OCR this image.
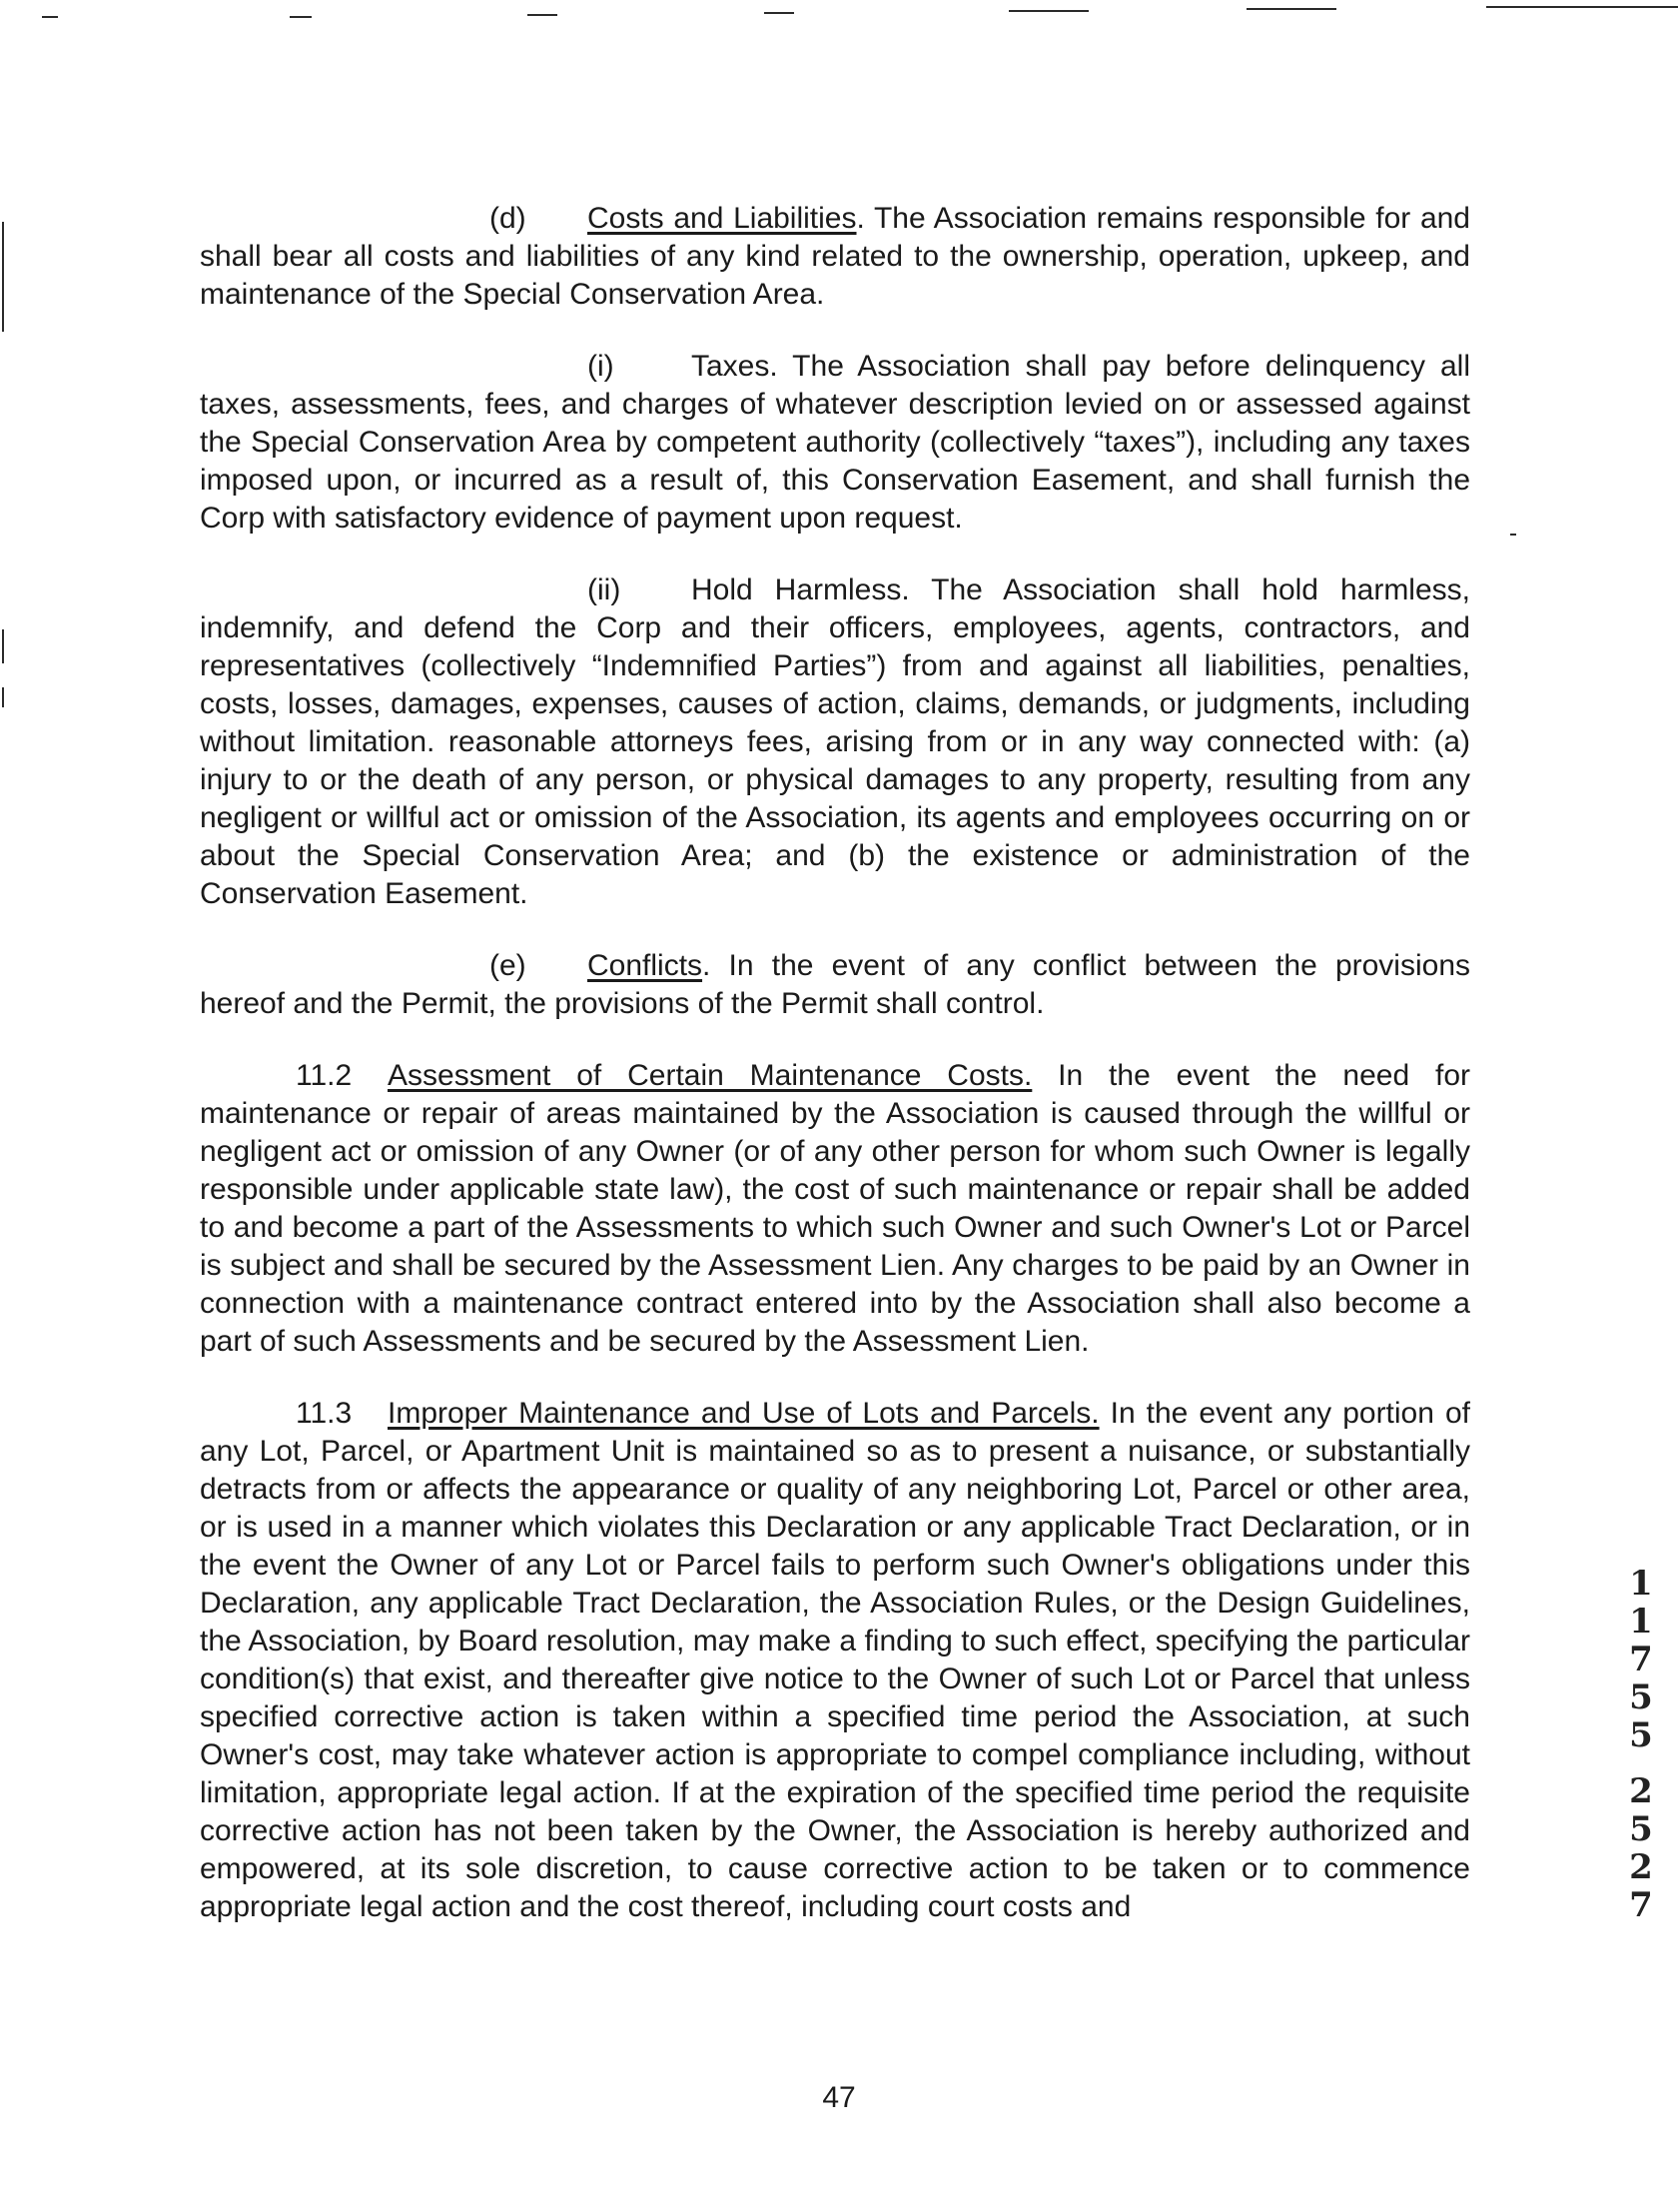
(d) Costs and Liabilities. The Association remains responsible for and shall bear all costs and liabilities of any kind related to the ownership, operation, upkeep, and maintenance of the Special Conservation Area.

(i)	Taxes. The Association shall pay before delinquency all taxes, assessments, fees, and charges of whatever description levied on or assessed against the Special Conservation Area by competent authority (collectively “taxes”), including any taxes imposed upon, or incurred as a result of, this Conservation Easement, and shall furnish the Corp with satisfactory evidence of payment upon request.

(ii) Hold Harmless. The Association shall hold harmless, indemnify, and defend the Corp and their officers, employees, agents, contractors, and representatives (collectively “Indemnified Parties”) from and against all liabilities, penalties, costs, losses, damages, expenses, causes of action, claims, demands, or judgments, including without limitation. reasonable attorneys fees, arising from or in any way connected with: (a) injury to or the death of any person, or physical damages to any property, resulting from any negligent or willful act or omission of the Association, its agents and employees occurring on or about the Special Conservation Area; and (b) the existence or administration of the Conservation Easement.

(e) Conflicts. In the event of any conflict between the provisions hereof and the Permit, the provisions of the Permit shall control.

11.2 Assessment of Certain Maintenance Costs. In the event the need for maintenance or repair of areas maintained by the Association is caused through the willful or negligent act or omission of any Owner (or of any other person for whom such Owner is legally responsible under applicable state law), the cost of such maintenance or repair shall be added to and become a part of the Assessments to which such Owner and such Owner's Lot or Parcel is subject and shall be secured by the Assessment Lien. Any charges to be paid by an Owner in connection with a maintenance contract entered into by the Association shall also become a part of such Assessments and be secured by the Assessment Lien.

11.3 Improper Maintenance and Use of Lots and Parcels. In the event any portion of any Lot, Parcel, or Apartment Unit is maintained so as to present a nuisance, or substantially detracts from or affects the appearance or quality of any neighboring Lot, Parcel or other area, or is used in a manner which violates this Declaration or any applicable Tract Declaration, or in the event the Owner of any Lot or Parcel fails to perform such Owner's obligations under this Declaration, any applicable Tract Declaration, the Association Rules, or the Design Guidelines, the Association, by Board resolution, may make a finding to such effect, specifying the particular condition(s) that exist, and thereafter give notice to the Owner of such Lot or Parcel that unless specified corrective action is taken within a specified time period the Association, at such Owner's cost, may take whatever action is appropriate to compel compliance including, without limitation, appropriate legal action. If at the expiration of the specified time period the requisite corrective action has not been taken by the Owner, the Association is hereby authorized and empowered, at its sole discretion, to cause corrective action to be taken or to commence appropriate legal action and the cost thereof, including court costs and

47
1
1
7
5
5
2
5
2
7
